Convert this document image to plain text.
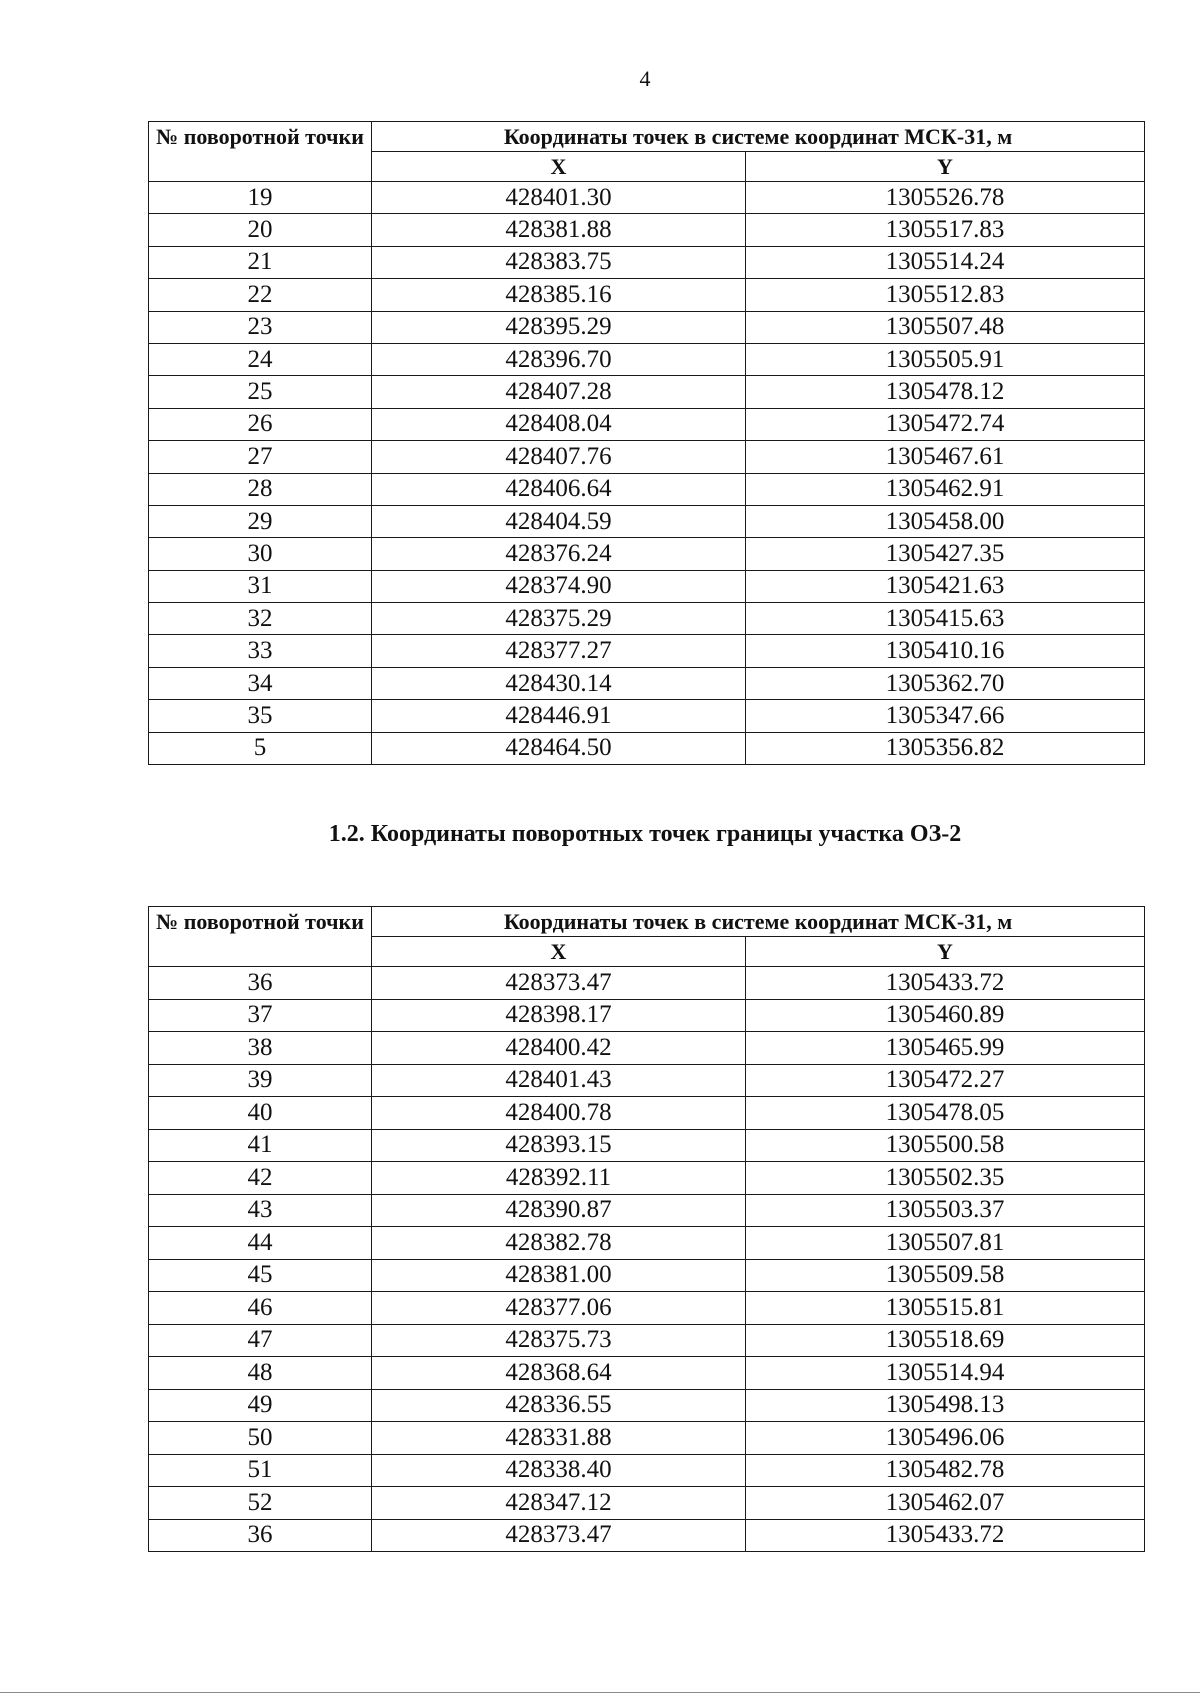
4
№ поворотной точки	Координаты точек в системе координат МСК-31, м	
	X	Y
19	428401.30	1305526.78
20	428381.88	1305517.83
21	428383.75	1305514.24
22	428385.16	1305512.83
23	428395.29	1305507.48
24	428396.70	1305505.91
25	428407.28	1305478.12
26	428408.04	1305472.74
27	428407.76	1305467.61
28	428406.64	1305462.91
29	428404.59	1305458.00
30	428376.24	1305427.35
31	428374.90	1305421.63
32	428375.29	1305415.63
33	428377.27	1305410.16
34	428430.14	1305362.70
35	428446.91	1305347.66
5	428464.50	1305356.82
1.2. Координаты поворотных точек границы участка ОЗ-2
№ поворотной точки	Координаты точек в системе координат МСК-31, м	
	X	Y
36	428373.47	1305433.72
37	428398.17	1305460.89
38	428400.42	1305465.99
39	428401.43	1305472.27
40	428400.78	1305478.05
41	428393.15	1305500.58
42	428392.11	1305502.35
43	428390.87	1305503.37
44	428382.78	1305507.81
45	428381.00	1305509.58
46	428377.06	1305515.81
47	428375.73	1305518.69
48	428368.64	1305514.94
49	428336.55	1305498.13
50	428331.88	1305496.06
51	428338.40	1305482.78
52	428347.12	1305462.07
36	428373.47	1305433.72
